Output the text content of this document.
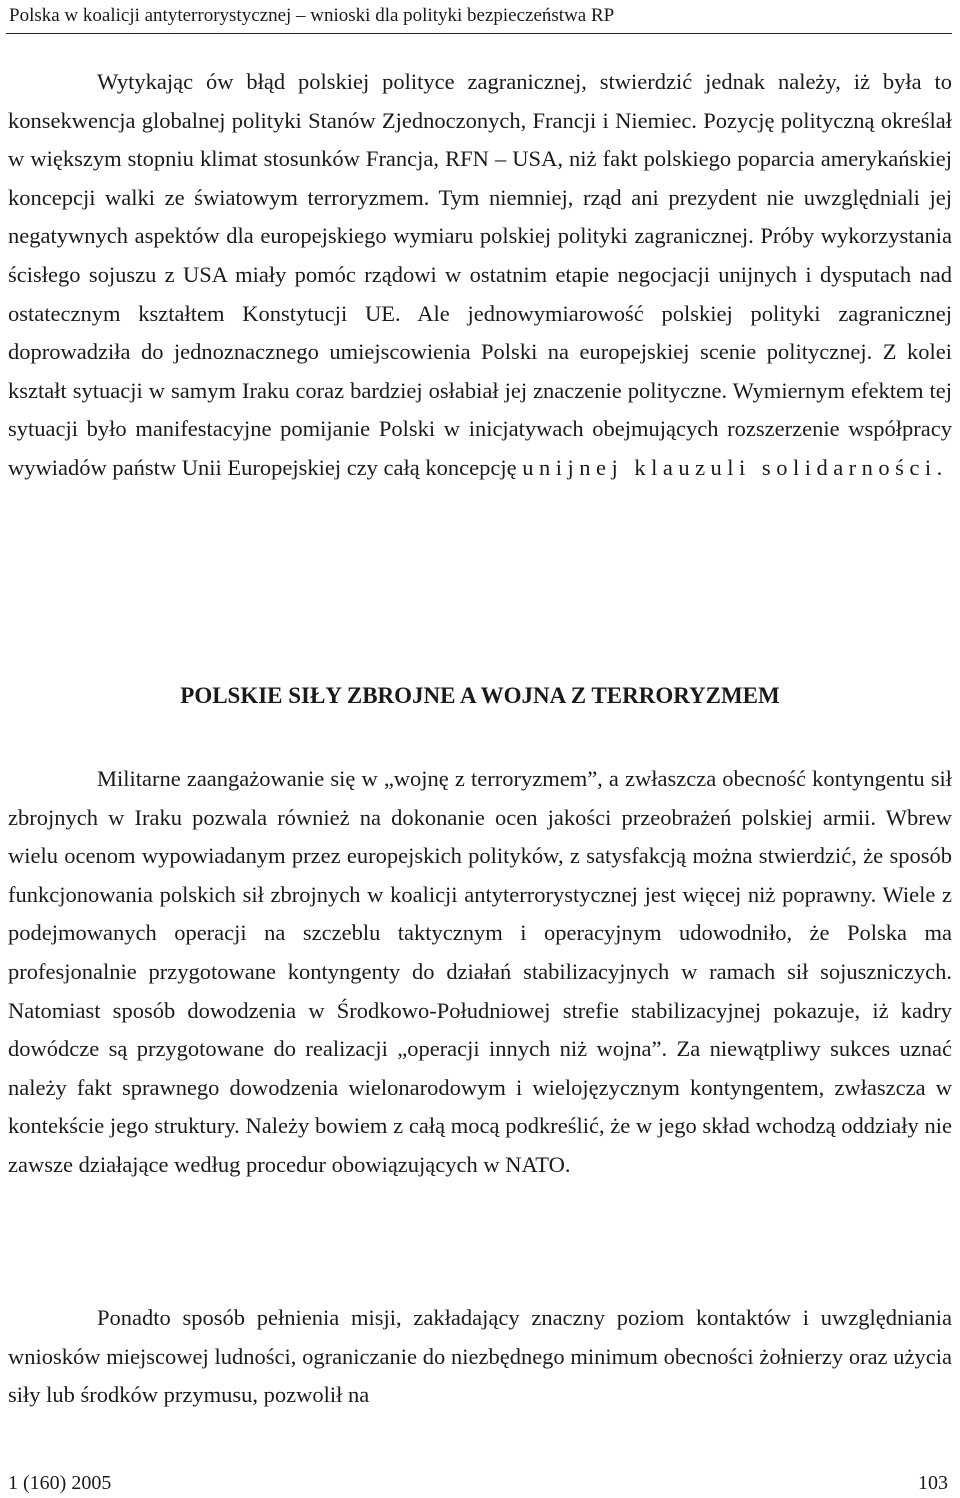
Polska w koalicji antyterrorystycznej – wnioski dla polityki bezpieczeństwa RP

Wytykając ów błąd polskiej polityce zagranicznej, stwierdzić jednak należy, iż była to konsekwencja globalnej polityki Stanów Zjednoczonych, Francji i Niemiec. Pozycję polityczną określał w większym stopniu klimat stosunków Francja, RFN – USA, niż fakt polskiego poparcia amerykańskiej koncepcji walki ze światowym terroryzmem. Tym niemniej, rząd ani prezydent nie uwzględniali jej negatywnych aspektów dla europejskiego wymiaru polskiej polityki zagranicznej. Próby wykorzystania ścisłego sojuszu z USA miały pomóc rządowi w ostatnim etapie negocjacji unijnych i dysputach nad ostatecznym kształtem Konstytucji UE. Ale jednowymiarowość polskiej polityki zagranicznej doprowadziła do jednoznacznego umiejscowienia Polski na europejskiej scenie politycznej. Z kolei kształt sytuacji w samym Iraku coraz bardziej osłabiał jej znaczenie polityczne. Wymiernym efektem tej sytuacji było manifestacyjne pomijanie Polski w inicjatywach obejmujących rozszerzenie współpracy wywiadów państw Unii Europejskiej czy całą koncepcję unijnej klauzuli solidarności.

POLSKIE SIŁY ZBROJNE A WOJNA Z TERRORYZMEM

Militarne zaangażowanie się w „wojnę z terroryzmem”, a zwłaszcza obecność kontyngentu sił zbrojnych w Iraku pozwala również na dokonanie ocen jakości przeobrażeń polskiej armii. Wbrew wielu ocenom wypowiadanym przez europejskich polityków, z satysfakcją można stwierdzić, że sposób funkcjonowania polskich sił zbrojnych w koalicji antyterrorystycznej jest więcej niż poprawny. Wiele z podejmowanych operacji na szczeblu taktycznym i operacyjnym udowodniło, że Polska ma profesjonalnie przygotowane kontyngenty do działań stabilizacyjnych w ramach sił sojuszniczych. Natomiast sposób dowodzenia w Środkowo-Południowej strefie stabilizacyjnej pokazuje, iż kadry dowódcze są przygotowane do realizacji „operacji innych niż wojna”. Za niewątpliwy sukces uznać należy fakt sprawnego dowodzenia wielonarodowym i wielojęzycznym kontyngentem, zwłaszcza w kontekście jego struktury. Należy bowiem z całą mocą podkreślić, że w jego skład wchodzą oddziały nie zawsze działające według procedur obowiązujących w NATO.

Ponadto sposób pełnienia misji, zakładający znaczny poziom kontaktów i uwzględniania wniosków miejscowej ludności, ograniczanie do niezbędnego minimum obecności żołnierzy oraz użycia siły lub środków przymusu, pozwolił na

1 (160) 2005	103
